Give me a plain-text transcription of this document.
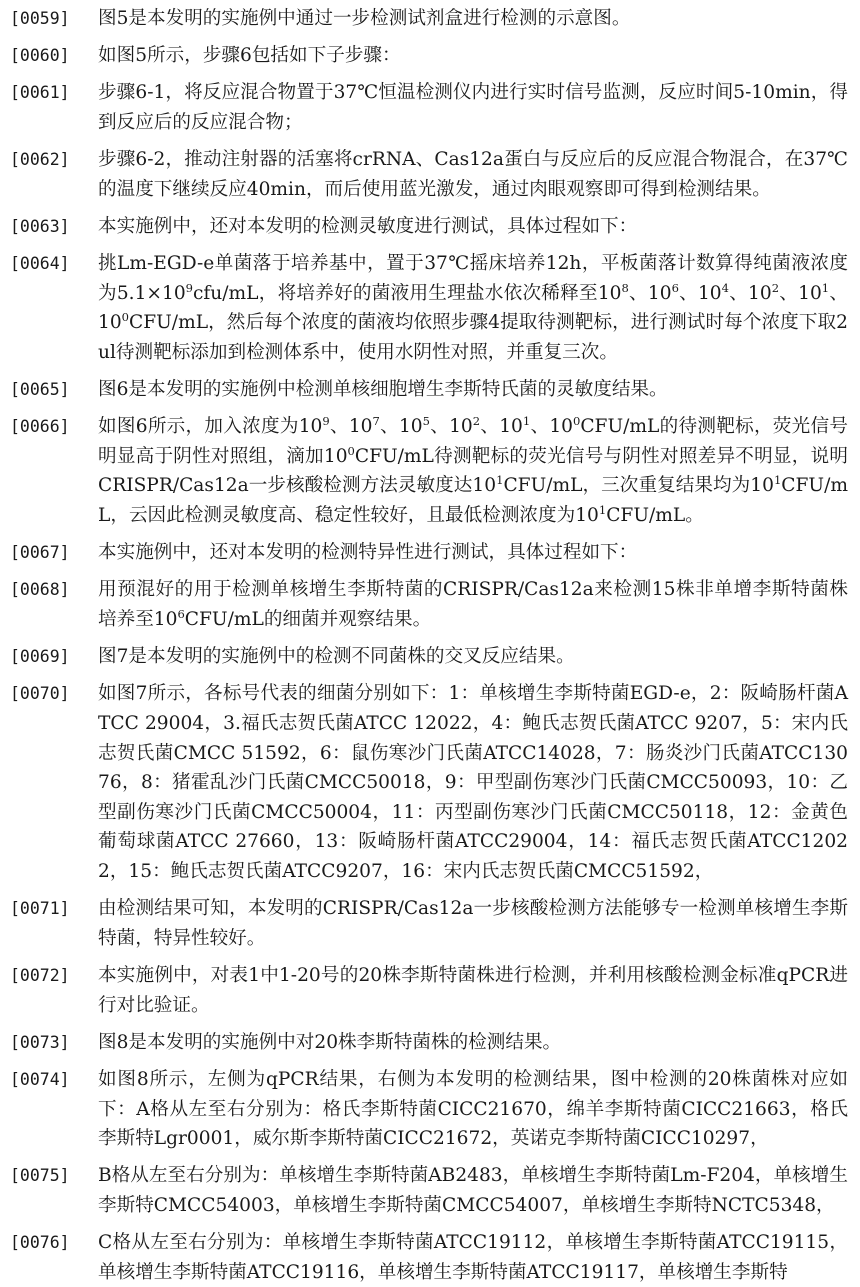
[0059] 图5是本发明的实施例中通过一步检测试剂盒进行检测的示意图。
[0060] 如图5所示，步骤6包括如下子步骤：
[0061] 步骤6-1，将反应混合物置于37℃恒温检测仪内进行实时信号监测，反应时间5-10min，得到反应后的反应混合物；
[0062] 步骤6-2，推动注射器的活塞将crRNA、Cas12a蛋白与反应后的反应混合物混合，在37℃的温度下继续反应40min，而后使用蓝光激发，通过肉眼观察即可得到检测结果。
[0063] 本实施例中，还对本发明的检测灵敏度进行测试，具体过程如下：
[0064] 挑Lm-EGD-e单菌落于培养基中，置于37℃摇床培养12h，平板菌落计数算得纯菌液浓度为$5.1\times 10^9cfu/mL$，将培养好的菌液用生理盐水依次稀释至$10^8$、$10^6$、$10^4$、$10^2$、$10^1$、$10^0CFU/mL$，然后每个浓度的菌液均依照步骤4提取待测靶标，进行测试时每个浓度下取2ul待测靶标添加到检测体系中，使用水阴性对照，并重复三次。
[0065] 图6是本发明的实施例中检测单核细胞增生李斯特氏菌的灵敏度结果。
[0066] 如图6所示，加入浓度为$10^9$、$10^7$、$10^5$、$10^2$、$10^1$、$10^0CFU/mL$的待测靶标，荧光信号明显高于阴性对照组，滴加$10^0CFU/mL$待测靶标的荧光信号与阴性对照差异不明显，说明CRISPR/Cas12a一步核酸检测方法灵敏度达$10^1CFU/mL$，三次重复结果均为$10^1CFU/mL$，云因此检测灵敏度高、稳定性较好，且最低检测浓度为$10^1CFU/mL$。
[0067] 本实施例中，还对本发明的检测特异性进行测试，具体过程如下：
[0068] 用预混好的用于检测单核增生李斯特菌的CRISPR/Cas12a来检测15株非单增李斯特菌株培养至$10^6CFU/mL$的细菌并观察结果。
[0069] 图7是本发明的实施例中的检测不同菌株的交叉反应结果。
[0070] 如图7所示，各标号代表的细菌分别如下：1：单核增生李斯特菌EGD-e，2：阪崎肠杆菌ATCC 29004，3.福氏志贺氏菌ATCC 12022，4：鲍氏志贺氏菌ATCC 9207，5：宋内氏志贺氏菌CMCC 51592，6：鼠伤寒沙门氏菌ATCC14028，7：肠炎沙门氏菌ATCC13076，8：猪霍乱沙门氏菌CMCC50018，9：甲型副伤寒沙门氏菌CMCC50093，10：乙型副伤寒沙门氏菌CMCC50004，11：丙型副伤寒沙门氏菌CMCC50118，12：金黄色葡萄球菌ATCC 27660，13：阪崎肠杆菌ATCC29004，14：福氏志贺氏菌ATCC12022，15：鲍氏志贺氏菌ATCC9207，16：宋内氏志贺氏菌CMCC51592，
[0071] 由检测结果可知，本发明的CRISPR/Cas12a一步核酸检测方法能够专一检测单核增生李斯特菌，特异性较好。
[0072] 本实施例中，对表1中1-20号的20株李斯特菌株进行检测，并利用核酸检测金标准qPCR进行对比验证。
[0073] 图8是本发明的实施例中对20株李斯特菌株的检测结果。
[0074] 如图8所示，左侧为qPCR结果，右侧为本发明的检测结果，图中检测的20株菌株对应如下：A格从左至右分别为：格氏李斯特菌CICC21670，绵羊李斯特菌CICC21663，格氏李斯特Lgr0001，威尔斯李斯特菌CICC21672，英诺克李斯特菌CICC10297，
[0075] B格从左至右分别为：单核增生李斯特菌AB2483，单核增生李斯特菌Lm-F204，单核增生李斯特CMCC54003，单核增生李斯特菌CMCC54007，单核增生李斯特NCTC5348，
[0076] C格从左至右分别为：单核增生李斯特菌ATCC19112，单核增生李斯特菌ATCC19115，单核增生李斯特菌ATCC19116，单核增生李斯特菌ATCC19117，单核增生李斯特
